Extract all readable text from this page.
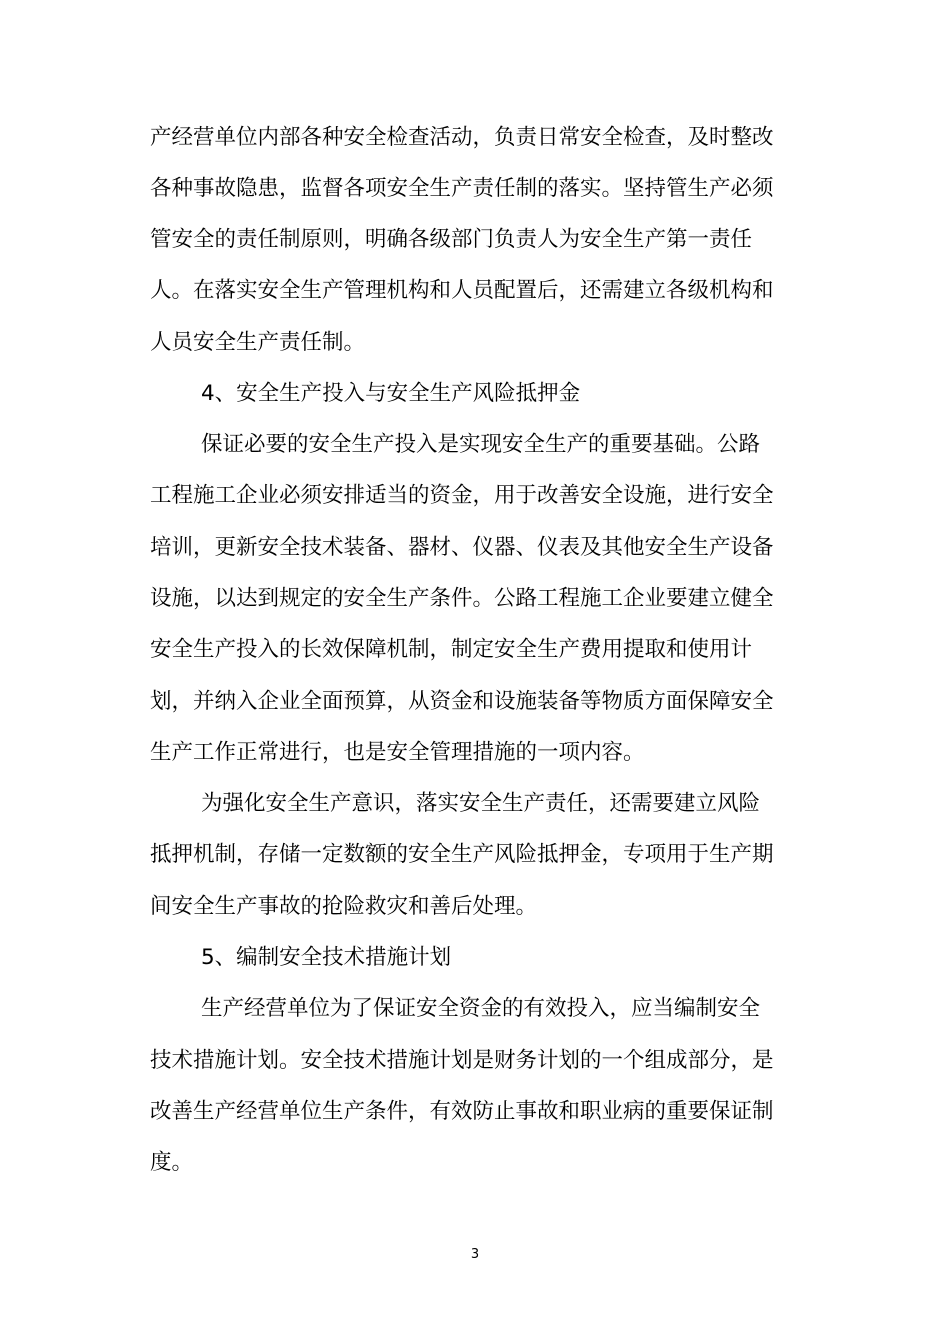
产经营单位内部各种安全检查活动，负责日常安全检查，及时整改
各种事故隐患，监督各项安全生产责任制的落实。坚持管生产必须
管安全的责任制原则，明确各级部门负责人为安全生产第一责任
人。在落实安全生产管理机构和人员配置后，还需建立各级机构和
人员安全生产责任制。
4、安全生产投入与安全生产风险抵押金
保证必要的安全生产投入是实现安全生产的重要基础。公路
工程施工企业必须安排适当的资金，用于改善安全设施，进行安全
培训，更新安全技术装备、器材、仪器、仪表及其他安全生产设备
设施，以达到规定的安全生产条件。公路工程施工企业要建立健全
安全生产投入的长效保障机制，制定安全生产费用提取和使用计
划，并纳入企业全面预算，从资金和设施装备等物质方面保障安全
生产工作正常进行，也是安全管理措施的一项内容。
为强化安全生产意识，落实安全生产责任，还需要建立风险
抵押机制，存储一定数额的安全生产风险抵押金，专项用于生产期
间安全生产事故的抢险救灾和善后处理。
5、编制安全技术措施计划
生产经营单位为了保证安全资金的有效投入，应当编制安全
技术措施计划。安全技术措施计划是财务计划的一个组成部分，是
改善生产经营单位生产条件，有效防止事故和职业病的重要保证制
度。
3
